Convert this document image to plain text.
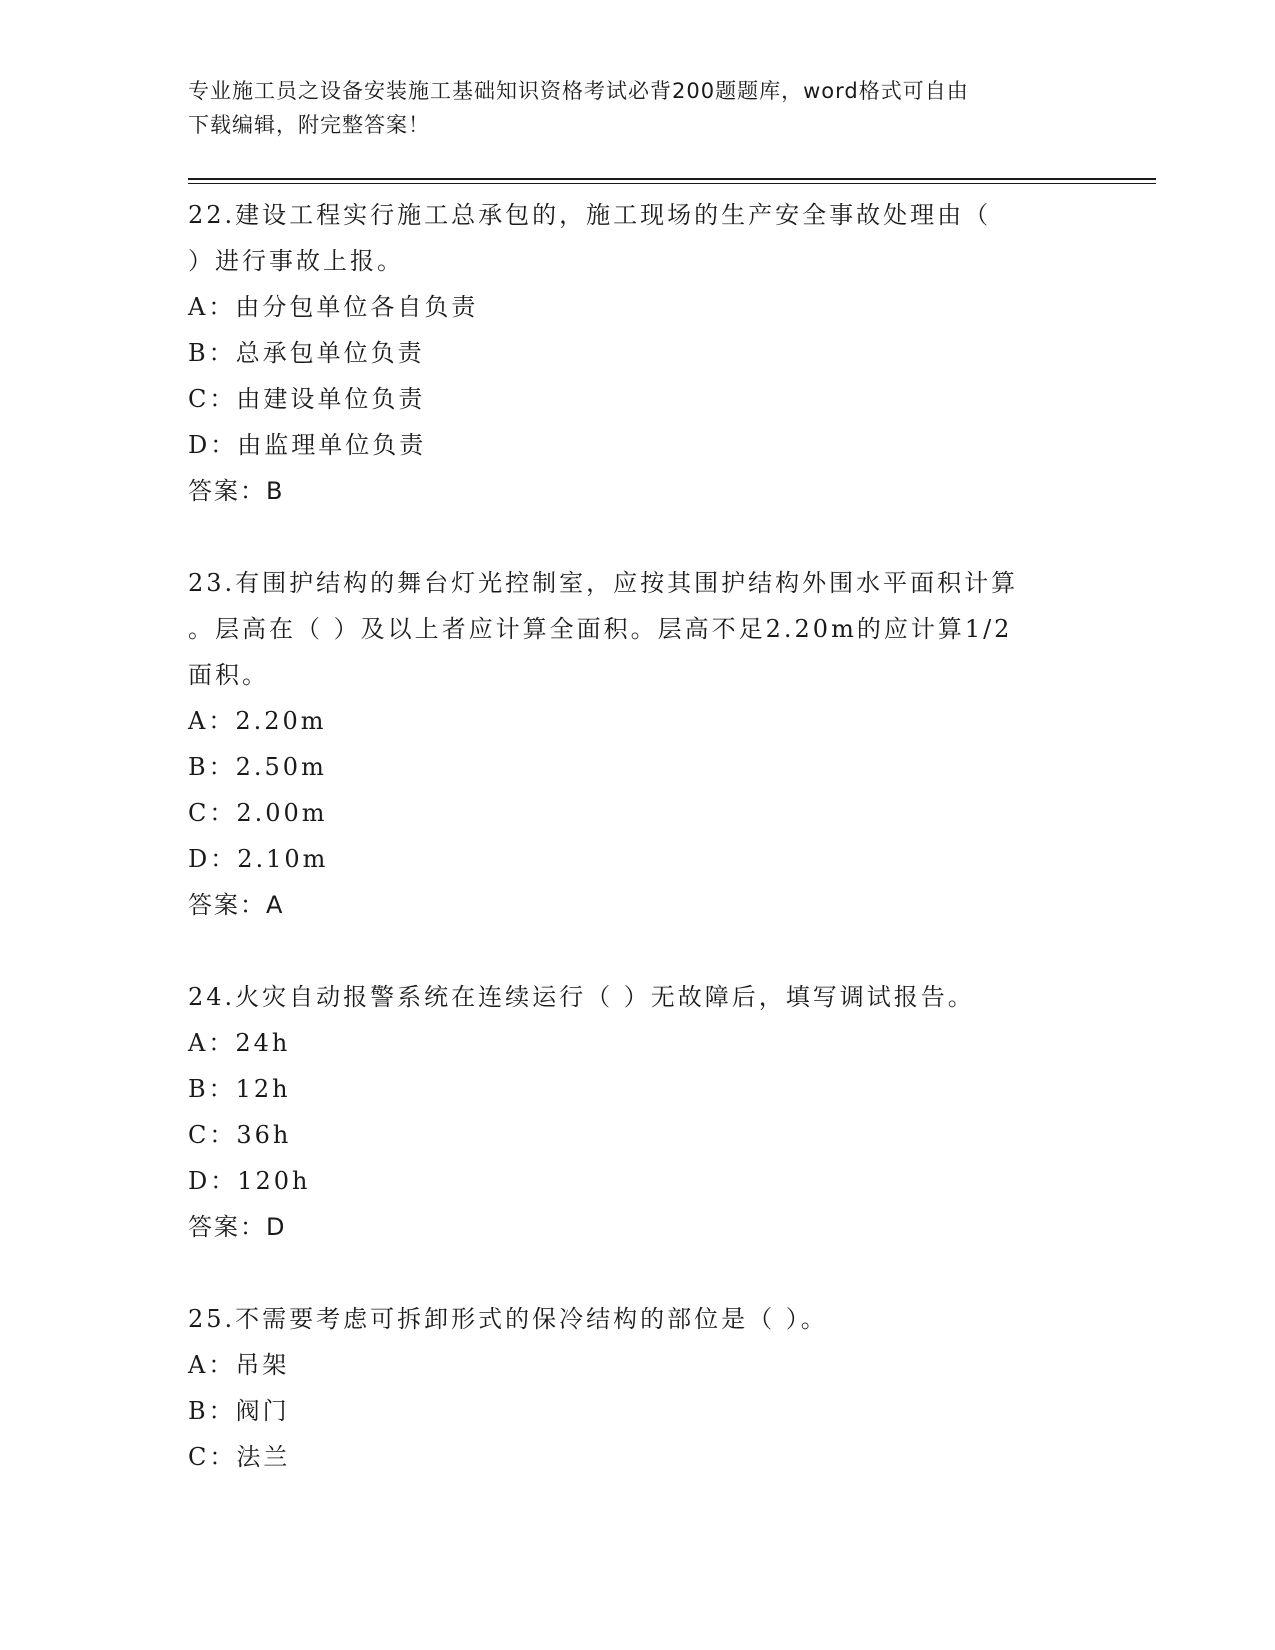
专业施工员之设备安装施工基础知识资格考试必背200题题库，word格式可自由
下载编辑，附完整答案！
22.建设工程实行施工总承包的，施工现场的生产安全事故处理由（
）进行事故上报。
A：由分包单位各自负责
B：总承包单位负责
C：由建设单位负责
D：由监理单位负责
答案：B
23.有围护结构的舞台灯光控制室，应按其围护结构外围水平面积计算
。层高在（ ）及以上者应计算全面积。层高不足2.20m的应计算1/2
面积。
A：2.20m
B：2.50m
C：2.00m
D：2.10m
答案：A
24.火灾自动报警系统在连续运行（ ）无故障后，填写调试报告。
A：24h
B：12h
C：36h
D：120h
答案：D
25.不需要考虑可拆卸形式的保冷结构的部位是（ ）。
A：吊架
B：阀门
C：法兰
